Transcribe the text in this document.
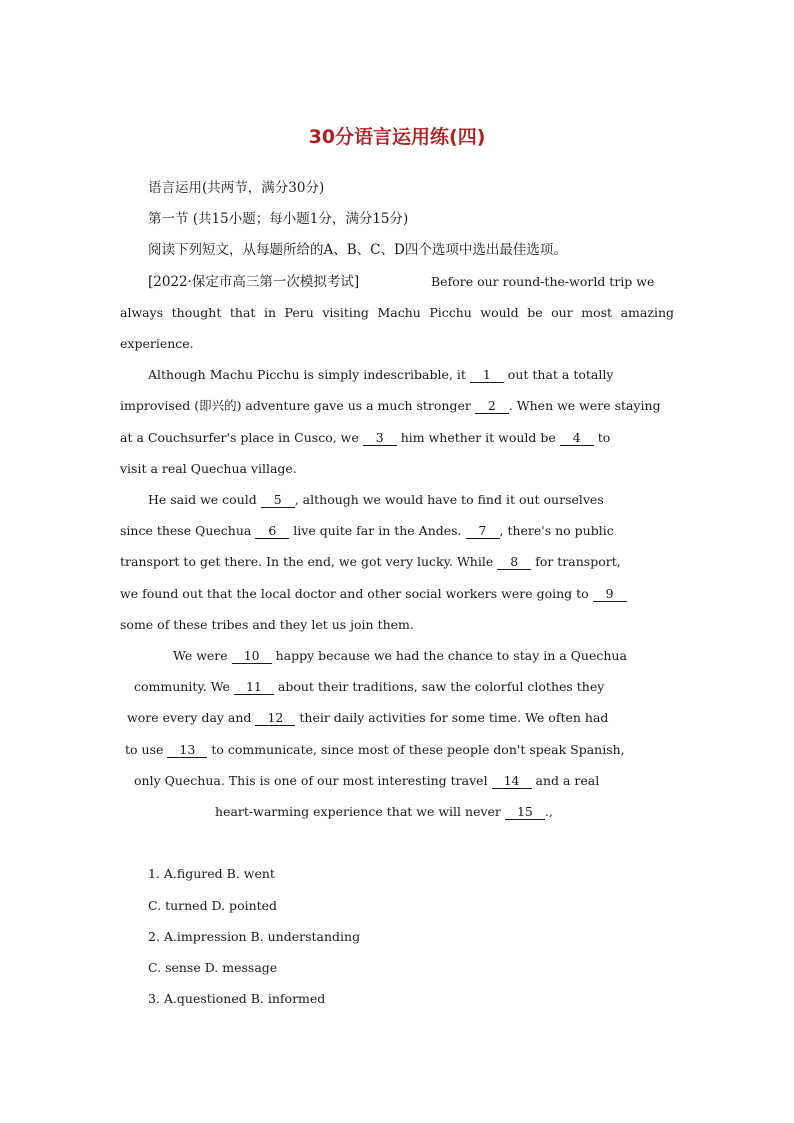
30分语言运用练(四)
语言运用(共两节，满分30分)
第一节 (共15小题；每小题1分，满分15分)
阅读下列短文，从每题所给的A、B、C、D四个选项中选出最佳选项。
[2022·保定市高三第一次模拟考试]	Before our round-the-world trip we
always thought that in Peru visiting Machu Picchu would be our most amazing
experience.
Although Machu Picchu is simply indescribable, it 1 out that a totally
improvised (即兴的) adventure gave us a much stronger 2 . When we were staying
at a Couchsurfer's place in Cusco, we 3 him whether it would be 4 to
visit a real Quechua village.
He said we could 5 , although we would have to find it out ourselves
since these Quechua 6 live quite far in the Andes. 7 , there's no public
transport to get there. In the end, we got very lucky. While 8 for transport,
we found out that the local doctor and other social workers were going to 9
some of these tribes and they let us join them.
We were 10 happy because we had the chance to stay in a Quechua
community. We 11 about their traditions, saw the colorful clothes they
wore every day and 12 their daily activities for some time. We often had
to use 13 to communicate, since most of these people don't speak Spanish,
only Quechua. This is one of our most interesting travel 14 and a real
heart-warming experience that we will never 15 .,
1. A.figured B. went
C. turned D. pointed
2. A.impression B. understanding
C. sense D. message
3. A.questioned B. informed
